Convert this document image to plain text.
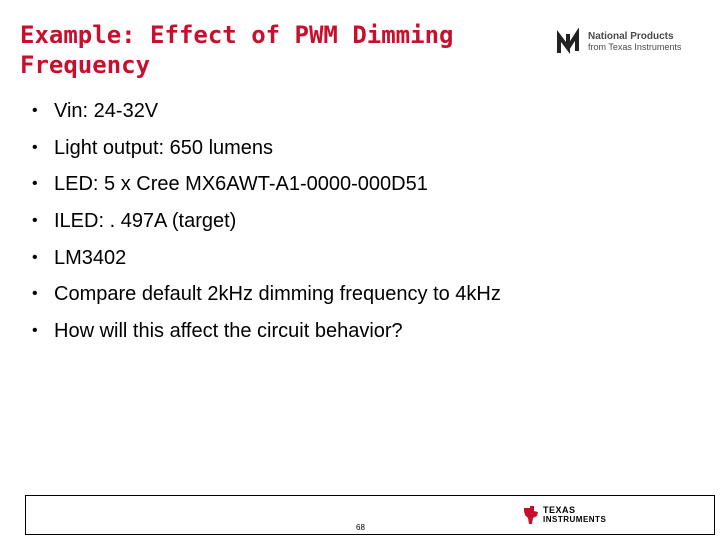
Example: Effect of PWM Dimming
Frequency
National Products
from Texas Instruments
• Vin: 24-32V
• Light output: 650 lumens
• LED: 5 x Cree MX6AWT-A1-0000-000D51
• ILED: . 497A (target)
• LM3402
• Compare default 2kHz dimming frequency to 4kHz
• How will this affect the circuit behavior?
68
TEXAS
INSTRUMENTS
